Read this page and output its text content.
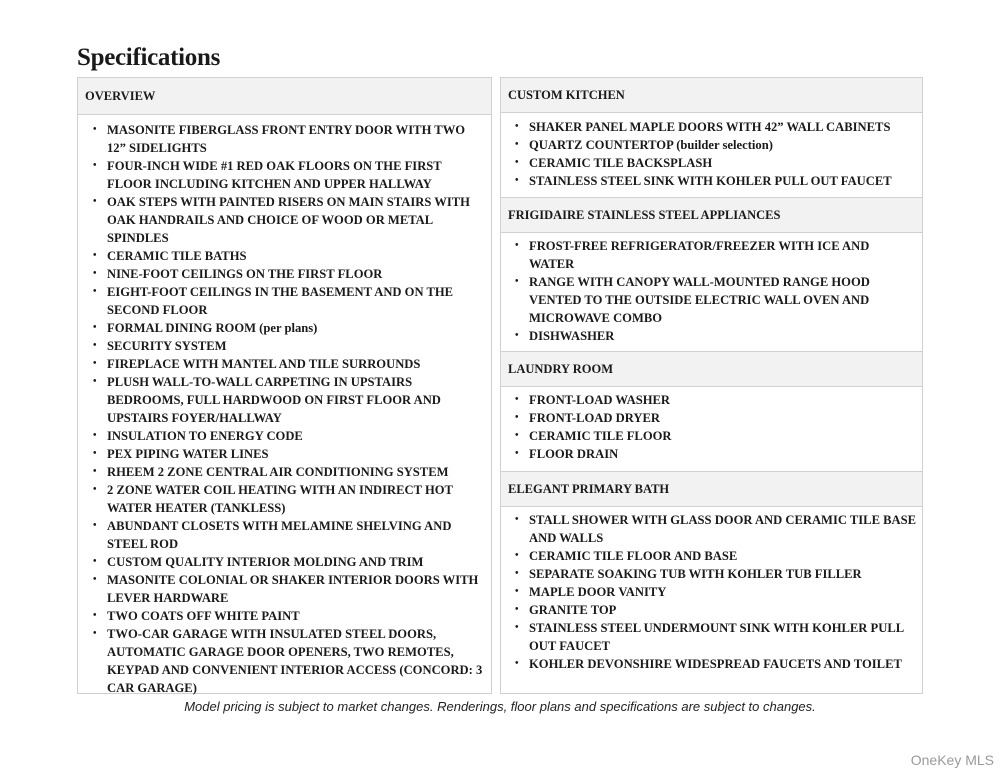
Specifications
OVERVIEW
• MASONITE FIBERGLASS FRONT ENTRY DOOR WITH TWO 12” SIDELIGHTS
• FOUR-INCH WIDE #1 RED OAK FLOORS ON THE FIRST FLOOR INCLUDING KITCHEN AND UPPER HALLWAY
• OAK STEPS WITH PAINTED RISERS ON MAIN STAIRS WITH OAK HANDRAILS AND CHOICE OF WOOD OR METAL SPINDLES
• CERAMIC TILE BATHS
• NINE-FOOT CEILINGS ON THE FIRST FLOOR
• EIGHT-FOOT CEILINGS IN THE BASEMENT AND ON THE SECOND FLOOR
• FORMAL DINING ROOM (per plans)
• SECURITY SYSTEM
• FIREPLACE WITH MANTEL AND TILE SURROUNDS
• PLUSH WALL-TO-WALL CARPETING IN UPSTAIRS BEDROOMS, FULL HARDWOOD ON FIRST FLOOR AND UPSTAIRS FOYER/HALLWAY
• INSULATION TO ENERGY CODE
• PEX PIPING WATER LINES
• RHEEM 2 ZONE CENTRAL AIR CONDITIONING SYSTEM
• 2 ZONE WATER COIL HEATING WITH AN INDIRECT HOT WATER HEATER (TANKLESS)
• ABUNDANT CLOSETS WITH MELAMINE SHELVING AND STEEL ROD
• CUSTOM QUALITY INTERIOR MOLDING AND TRIM
• MASONITE COLONIAL OR SHAKER INTERIOR DOORS WITH LEVER HARDWARE
• TWO COATS OFF WHITE PAINT
• TWO-CAR GARAGE WITH INSULATED STEEL DOORS, AUTOMATIC GARAGE DOOR OPENERS, TWO REMOTES, KEYPAD AND CONVENIENT INTERIOR ACCESS (CONCORD: 3 CAR GARAGE)
CUSTOM KITCHEN
• SHAKER PANEL MAPLE DOORS WITH 42” WALL CABINETS
• QUARTZ COUNTERTOP (builder selection)
• CERAMIC TILE BACKSPLASH
• STAINLESS STEEL SINK WITH KOHLER PULL OUT FAUCET
FRIGIDAIRE STAINLESS STEEL APPLIANCES
• FROST-FREE REFRIGERATOR/FREEZER WITH ICE AND WATER
• RANGE WITH CANOPY WALL-MOUNTED RANGE HOOD VENTED TO THE OUTSIDE ELECTRIC WALL OVEN AND MICROWAVE COMBO
• DISHWASHER
LAUNDRY ROOM
• FRONT-LOAD WASHER
• FRONT-LOAD DRYER
• CERAMIC TILE FLOOR
• FLOOR DRAIN
ELEGANT PRIMARY BATH
• STALL SHOWER WITH GLASS DOOR AND CERAMIC TILE BASE AND WALLS
• CERAMIC TILE FLOOR AND BASE
• SEPARATE SOAKING TUB WITH KOHLER TUB FILLER
• MAPLE DOOR VANITY
• GRANITE TOP
• STAINLESS STEEL UNDERMOUNT SINK WITH KOHLER PULL OUT FAUCET
• KOHLER DEVONSHIRE WIDESPREAD FAUCETS AND TOILET
Model pricing is subject to market changes. Renderings, floor plans and specifications are subject to changes.
OneKey MLS
